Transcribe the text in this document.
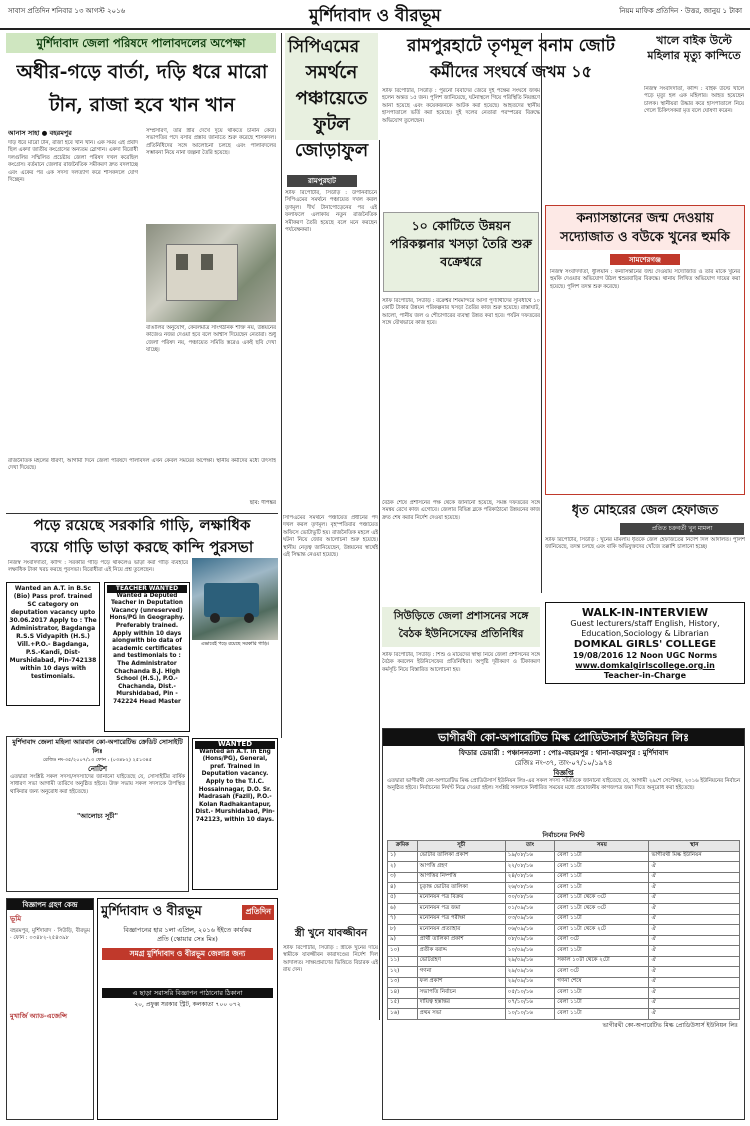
সাবাস প্রতিদিন শনিবার ১৩ আগস্ট ২০১৬	মুর্শিদাবাদ ও বীরভূম	নিয়ম মাফিক প্রতিদিন · উত্তর, জানুয় ১ টাকা
মুর্শিদাবাদ জেলা পরিষদে পালাবদলের অপেক্ষা
অধীর-গড়ে বার্তা, দড়ি ধরে মারো টান, রাজা হবে খান খান
আনাস সাহা ● বহরমপুর
দড়ি ধরে মারো টান, রাজা হবে খান খান। এক সময় এই প্রবাদ ছিল একদা জাতীয় কংগ্রেসের অন্যতম স্লোগান। একদা বিরোধী দলগুলির সম্মিলিত প্রচেষ্টায় জেলা পরিষদ দখল করেছিল কংগ্রেস। বর্তমানে জেলার রাজনৈতিক সমীকরণ দ্রুত বদলাচ্ছে এবং একের পর এক সদস্য দলত্যাগ করে শাসকদলে যোগ দিচ্ছেন।
সম্প্রসারণ, তার স্ত্রীর দেখে দুয়ে থাকতে চাননি কেউ। সভাপতির পদে বসার প্রস্তাব জানাতে শুরু করেছে শাসকদল। প্রতিনিধিদের সঙ্গে আলোচনা চলছে এবং পালাবদলের সম্ভাবনা নিয়ে নানা জল্পনা তৈরি হয়েছে।
বাঙালির অনুযোগ, কেবলমাত্র সাংগঠনিক শক্তি নয়, উন্নয়নের কাজেও নজর দেওয়া হবে বলে আশ্বাস দিয়েছেন নেতারা। শুধু জেলা পরিষদ নয়, পঞ্চায়েত সমিতি স্তরেও একই ছবি দেখা যাচ্ছে।
রাজনৈতিক মহলের ধারণা, আগামী দিনে জেলা পরিষদে পালাবদল এখন কেবল সময়ের অপেক্ষা। স্থানীয় কর্মীদের মধ্যে উৎসাহ দেখা দিয়েছে।
ছবি: দীপঙ্কর
সিপিএমের	রামপুরহাটে তৃণমূল বনাম জোট
কর্মীদের সংঘর্ষে জখম ১৫
স্টাফ রিপোর্টার, সিউড়ি : পুরনো বিবাদের জেরে দুই পক্ষের সংঘর্ষে জখম হলেন অন্তত ১৫ জন। পুলিশ জানিয়েছে, ঘটনাস্থলে গিয়ে পরিস্থিতি নিয়ন্ত্রণে আনা হয়েছে এবং কয়েকজনকে আটক করা হয়েছে। আহতদের স্থানীয় হাসপাতালে ভর্তি করা হয়েছে। দুই দলের নেতারা পরস্পরের বিরুদ্ধে অভিযোগ তুলেছেন।
সমর্থনে পঞ্চায়েতে ফুটল জোড়াফুল
রামপুরহাট
স্টাফ রিপোর্টার, সিউড়ি : উপনির্বাচনে সিপিএমের সমর্থনে পঞ্চায়েত দখল করল তৃণমূল। দীর্ঘ টানাপোড়েনের পর এই ফলাফলে এলাকায় নতুন রাজনৈতিক সমীকরণ তৈরি হয়েছে বলে মনে করছেন পর্যবেক্ষকরা।
খালে বাইক উল্টে মহিলার মৃত্যু কান্দিতে
নিজস্ব সংবাদদাতা, কান্দি : বাইক উল্টে খালে পড়ে মৃত্যু হল এক মহিলার। আহত হয়েছেন চালক। স্থানীয়রা উদ্ধার করে হাসপাতালে নিয়ে গেলে চিকিৎসকরা মৃত বলে ঘোষণা করেন।
১০ কোটিতে উন্নয়ন পরিকল্পনার খসড়া তৈরি শুরু বক্রেশ্বরে
স্টাফ রিপোর্টার, সিউড়ি : বক্রেশ্বর শিবমন্দিরে আসা পুণ্যার্থীদের সুবিধার্থে ১০ কোটি টাকার উন্নয়ন পরিকল্পনার খসড়া তৈরির কাজ শুরু হয়েছে। রাস্তাঘাট, আলো, পানীয় জল ও শৌচাগারের ব্যবস্থা উন্নত করা হবে। পর্যটন দফতরের সঙ্গে যৌথভাবে কাজ হবে।
কন্যাসন্তানের জন্ম দেওয়ায় সদ্যোজাত ও বউকে খুনের হুমকি
সামশেরগঞ্জ
নিজস্ব সংবাদদাতা, ধুলিয়ান : কন্যাসন্তানের জন্ম দেওয়ায় সদ্যোজাত ও তার মাকে খুনের হুমকি দেওয়ার অভিযোগ উঠল শ্বশুরবাড়ির বিরুদ্ধে। থানায় লিখিত অভিযোগ দায়ের করা হয়েছে। পুলিশ তদন্ত শুরু করেছে।
পড়ে রয়েছে সরকারি গাড়ি, লক্ষাধিক
ব্যয়ে গাড়ি ভাড়া করছে কান্দি পুরসভা
নিজস্ব সংবাদদাতা, কান্দি : সরকারি গাড়ি পড়ে থাকলেও ভাড়া করা গাড়ি ব্যবহারে লক্ষাধিক টাকা খরচ করছে পুরসভা। বিরোধীরা এই নিয়ে প্রশ্ন তুলেছেন।
এভাবেই পড়ে রয়েছে সরকারি গাড়ি।
Wanted an A.T. in B.Sc (Bio) Pass prof. trained SC category on deputation vacancy upto 30.06.2017 Apply to : The Administrator, Bagdanga R.S.S Vidyapith (H.S.) Vill.+P.O.- Bagdanga, P.S.-Kandi, Dist-Murshidabad, Pin-742138 within 10 days with testimonials.
TEACHER WANTED
Wanted a Deputed Teacher in Deputation Vacancy (unreserved) Hons/PG in Geography. Preferably trained. Apply within 10 days alongwith bio data of academic certificates and testimonials to : The Administrator Chachanda B.J. High School (H.S.), P.O.- Chachanda, Dist.- Murshidabad, Pin - 742224 Head Master
WANTED
Wanted an A.T. in Eng (Hons/PG), General, pref. Trained in Deputation vacancy. Apply to the T.I.C. Hossainnagar, D.O. Sr. Madrasah (Fazil), P.O.- Kolan Radhakantapur, Dist.- Murshidabad, Pin- 742123, within 10 days.
মুর্শিদাবাদ জেলা মহিলা আরবান কো-অপারেটিভ ক্রেডিট সোসাইটি লিঃ
রেজিঃ নং-৩৫/২০০৭/১৩ ফোন : (০৩৪৮২) ২৫১৩৪৫
নোটিশ
এতদ্বারা সংশ্লিষ্ট সকল সদস্য/সদস্যাদের জানানো যাইতেছে যে, সোসাইটির বার্ষিক সাধারণ সভা আগামী তারিখে অনুষ্ঠিত হইবে। উক্ত সভায় সকল সদস্যকে উপস্থিত থাকিবার জন্য অনুরোধ করা হইতেছে।
"আলোচ্য সূচী"
বিজ্ঞাপন গ্রহণ কেন্দ্র
ভূমি
বহরমপুর, মুর্শিদাবাদ · সিউড়ি, বীরভূম · ফোন : ০৩৪৮২-২৫৪৩৯৮
মুখার্জি অ্যাড-এজেন্সি
মুর্শিদাবাদ ও বীরভূম	প্রতিদিন
বিজ্ঞাপনের হার ১লা এপ্রিল, ২০১৬ ইইতে কার্যকর
প্রতি (স্কোয়ার সেঃ মিঃ)
সমগ্র মুর্শিদাবাদ ও বীরভূম জেলার জন্য
এ ছাড়া সরাসরি বিজ্ঞাপন পাঠানোর ঠিকানা
২০, প্রফুল্ল সরকার স্ট্রিট, কলকাতা ৭০০ ০৭২
সিপিএমের সমর্থনে পঞ্চায়েত প্রধানের পদ দখল করল তৃণমূল। বৃহস্পতিবার পঞ্চায়েত অফিসে ভোটাভুটি হয়। রাজনৈতিক মহলে এই ঘটনা নিয়ে জোর আলোচনা শুরু হয়েছে। স্থানীয় নেতৃত্ব জানিয়েছেন, উন্নয়নের স্বার্থেই এই সিদ্ধান্ত নেওয়া হয়েছে।
বৈঠক শেষে প্রশাসনের পক্ষ থেকে জানানো হয়েছে, সমস্ত দফতরের সঙ্গে সমন্বয় রেখে কাজ এগোবে। জেলার বিভিন্ন ব্লকে পরিকাঠামো উন্নয়নের কাজ দ্রুত শেষ করার নির্দেশ দেওয়া হয়েছে।
সিউড়িতে জেলা প্রশাসনের সঙ্গে
বৈঠক ইউনিসেফের প্রতিনিধির
স্টাফ রিপোর্টার, সিউড়ি : শিশু ও মায়েদের স্বাস্থ্য নিয়ে জেলা প্রশাসনের সঙ্গে বৈঠক করলেন ইউনিসেফের প্রতিনিধিরা। অপুষ্টি দূরীকরণ ও টিকাকরণ কর্মসূচি নিয়ে বিস্তারিত আলোচনা হয়।
ধৃত মোহরের জেল হেফাজত
প্রতিত চক্রবর্তী খুন মামলা
স্টাফ রিপোর্টার, সিউড়ি : খুনের মামলায় ধৃতকে জেল হেফাজতের নির্দেশ দিল আদালত। পুলিশ জানিয়েছে, তদন্ত চলছে এবং বাকি অভিযুক্তদের খোঁজে তল্লাশি চালানো হচ্ছে।
WALK-IN-INTERVIEW
Guest lecturers/staff English, History, Education,Sociology & Librarian
DOMKAL GIRLS' COLLEGE
19/08/2016 12 Noon UGC Norms
www.domkalgirlscollege.org.in
Teacher-in-Charge
ভাগীরথী কো-অপারেটিভ মিল্ক প্রোডিউসার্স ইউনিয়ন লিঃ
ফিডার ডেয়ারী : পঞ্চাননতলা : পোঃ-বহরমপুর : থানা-বহরমপুর : মুর্শিদাবাদ
রেজিঃ নং-৩৭, তাং-০৭/১০/১৯৭৪
বিজ্ঞপ্তি
এতদ্বারা ভাগীরথী কো-অপারেটিভ মিল্ক প্রোডিউসার্স ইউনিয়ন লিঃ-এর সকল সদস্য সমিতিকে জানানো যাইতেছে যে, আগামী ২৯শে সেপ্টেম্বর, ২০১৬ ইউনিয়নের নির্বাচন অনুষ্ঠিত হইবে। নির্বাচনের নির্ঘণ্ট নিম্নে দেওয়া হইল। সংশ্লিষ্ট সকলকে নির্ধারিত সময়ের মধ্যে প্রয়োজনীয় কাগজপত্র জমা দিতে অনুরোধ করা হইতেছে।
নির্বাচনের নির্ঘণ্ট
ক্রমিক	সূচী	তাং	সময়	স্থান
১)	ভোটার তালিকা প্রকাশ	১৯/০৮/১৬	বেলা ১১টা	ভাগীরথী মিল্ক ইউনিয়ন
২)	আপত্তি গ্রহণ	২২/০৮/১৬	বেলা ১১টা	ঐ
৩)	আপত্তির নিষ্পত্তি	২৪/০৮/১৬	বেলা ১১টা	ঐ
৪)	চূড়ান্ত ভোটার তালিকা	২৬/০৮/১৬	বেলা ১১টা	ঐ
৫)	মনোনয়ন পত্র বিক্রয়	৩০/০৮/১৬	বেলা ১১টা থেকে ৩টে	ঐ
৬)	মনোনয়ন পত্র জমা	০১/০৯/১৬	বেলা ১১টা থেকে ৩টে	ঐ
৭)	মনোনয়ন পত্র পরীক্ষা	০৩/০৯/১৬	বেলা ১১টা	ঐ
৮)	মনোনয়ন প্রত্যাহার	০৬/০৯/১৬	বেলা ১১টা থেকে ২টে	ঐ
৯)	প্রার্থী তালিকা প্রকাশ	০৮/০৯/১৬	বেলা ৩টে	ঐ
১০)	প্রতীক বরাদ্দ	১০/০৯/১৬	বেলা ১১টা	ঐ
১১)	ভোটগ্রহণ	২৯/০৯/১৬	সকাল ১০টা থেকে ২টো	ঐ
১২)	গণনা	২৯/০৯/১৬	বেলা ৩টে	ঐ
১৩)	ফল প্রকাশ	২৯/০৯/১৬	গণনা শেষে	ঐ
১৪)	সভাপতি নির্বাচন	০৫/১০/১৬	বেলা ১১টা	ঐ
১৫)	দায়িত্ব হস্তান্তর	০৭/১০/১৬	বেলা ১১টা	ঐ
১৬)	প্রথম সভা	১০/১০/১৬	বেলা ১১টা	ঐ
ভাগীরথী কো-অপারেটিভ মিল্ক প্রোডিউসার্স ইউনিয়ন লিঃ
স্ত্রী খুনে যাবজ্জীবন
স্টাফ রিপোর্টার, সিউড়ি : স্ত্রীকে খুনের দায়ে স্বামীকে যাবজ্জীবন কারাদণ্ডের নির্দেশ দিল আদালত। সাক্ষ্যপ্রমাণের ভিত্তিতে বিচারক এই রায় দেন।
